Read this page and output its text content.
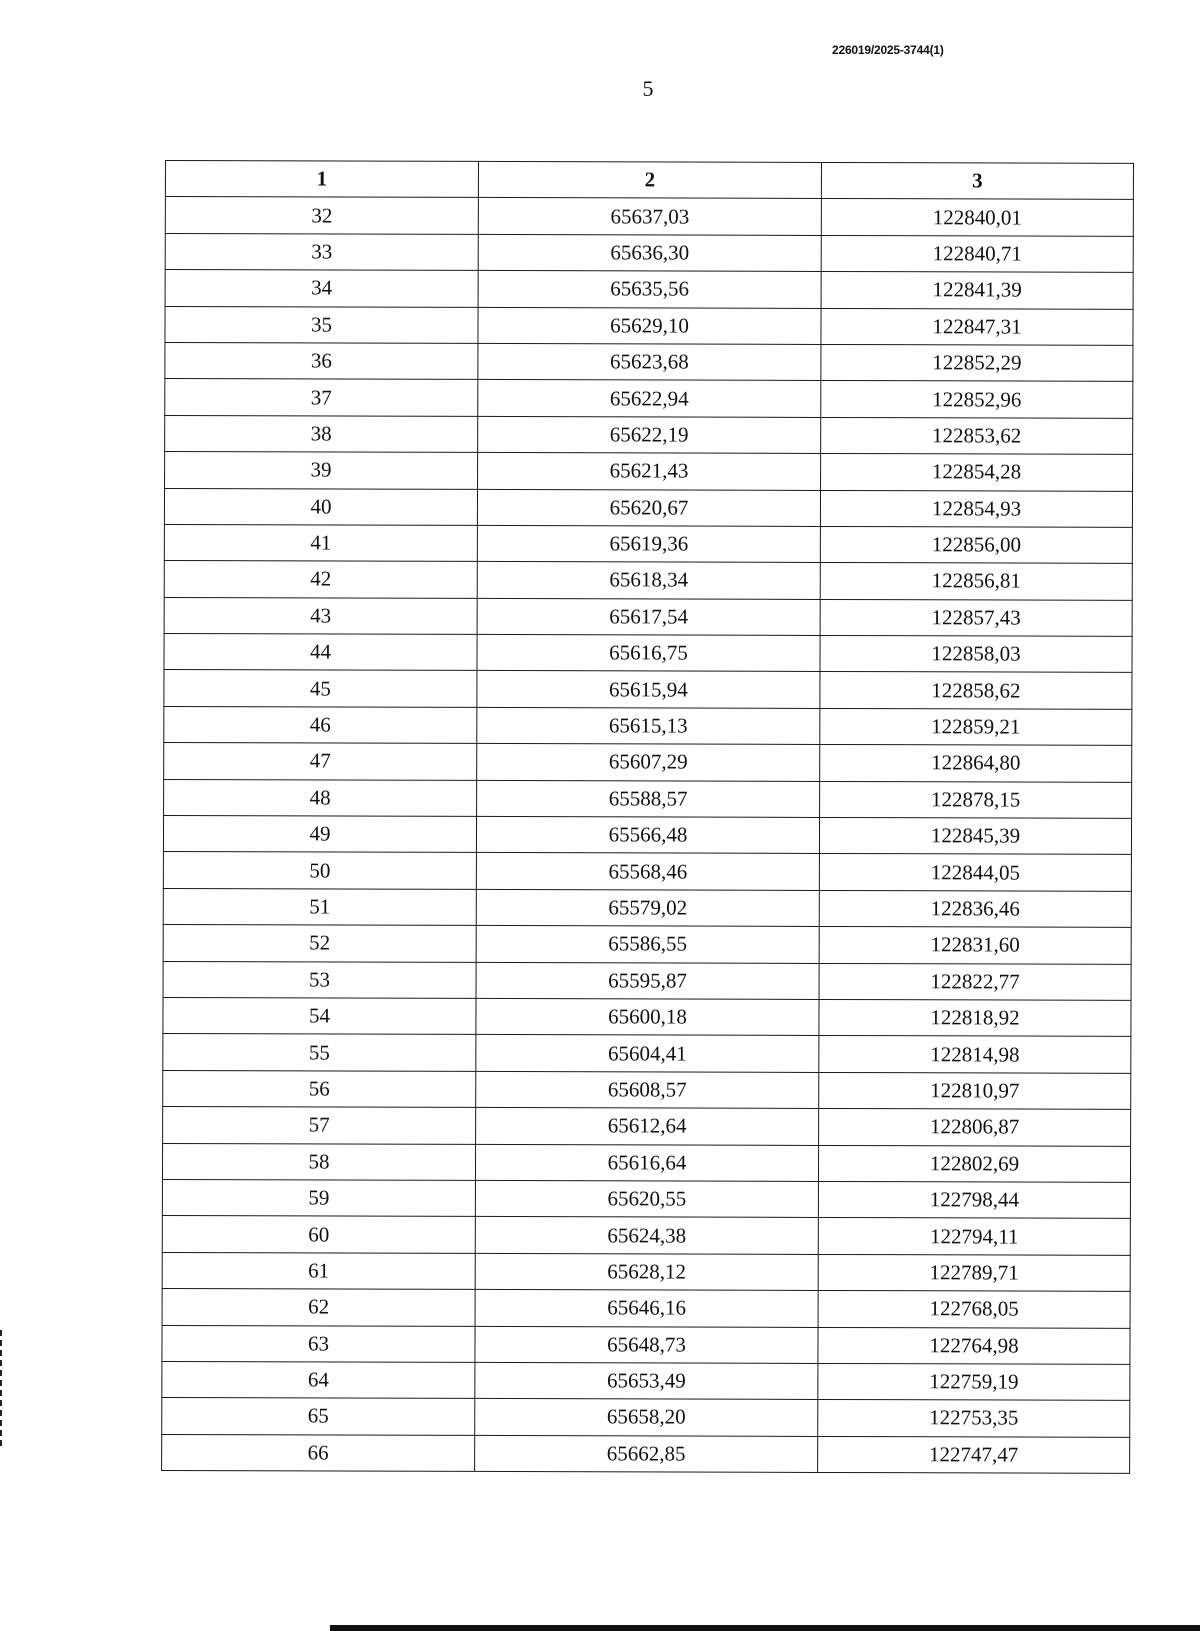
226019/2025-3744(1)
5
1	2	3
32	65637,03	122840,01
33	65636,30	122840,71
34	65635,56	122841,39
35	65629,10	122847,31
36	65623,68	122852,29
37	65622,94	122852,96
38	65622,19	122853,62
39	65621,43	122854,28
40	65620,67	122854,93
41	65619,36	122856,00
42	65618,34	122856,81
43	65617,54	122857,43
44	65616,75	122858,03
45	65615,94	122858,62
46	65615,13	122859,21
47	65607,29	122864,80
48	65588,57	122878,15
49	65566,48	122845,39
50	65568,46	122844,05
51	65579,02	122836,46
52	65586,55	122831,60
53	65595,87	122822,77
54	65600,18	122818,92
55	65604,41	122814,98
56	65608,57	122810,97
57	65612,64	122806,87
58	65616,64	122802,69
59	65620,55	122798,44
60	65624,38	122794,11
61	65628,12	122789,71
62	65646,16	122768,05
63	65648,73	122764,98
64	65653,49	122759,19
65	65658,20	122753,35
66	65662,85	122747,47
